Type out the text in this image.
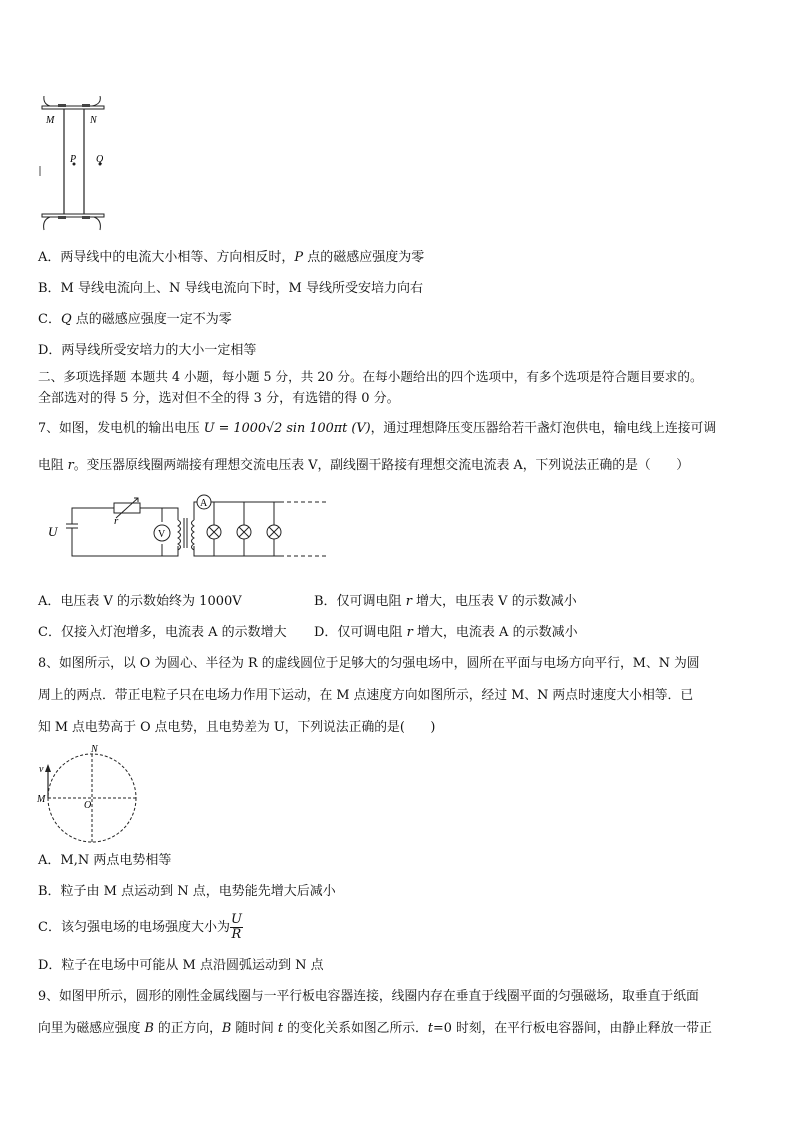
M	N
P Q
A．两导线中的电流大小相等、方向相反时，P 点的磁感应强度为零
B．M 导线电流向上、N 导线电流向下时，M 导线所受安培力向右
C．Q 点的磁感应强度一定不为零
D．两导线所受安培力的大小一定相等
二、多项选择题 本题共 4 小题，每小题 5 分，共 20 分。在每小题给出的四个选项中，有多个选项是符合题目要求的。
全部选对的得 5 分，选对但不全的得 3 分，有选错的得 0 分。
7、如图，发电机的输出电压 U = 1000√2 sin 100πt (V)，通过理想降压变压器给若干盏灯泡供电，输电线上连接可调
电阻 r。变压器原线圈两端接有理想交流电压表 V，副线圈干路接有理想交流电流表 A，下列说法正确的是（　　）
U
r
V
A
A．电压表 V 的示数始终为 1000V	B．仅可调电阻 r 增大，电压表 V 的示数减小
C．仅接入灯泡增多，电流表 A 的示数增大 D．仅可调电阻 r 增大，电流表 A 的示数减小
8、如图所示，以 O 为圆心、半径为 R 的虚线圆位于足够大的匀强电场中，圆所在平面与电场方向平行，M、N 为圆
周上的两点．带正电粒子只在电场力作用下运动，在 M 点速度方向如图所示，经过 M、N 两点时速度大小相等．已
知 M 点电势高于 O 点电势，且电势差为 U，下列说法正确的是(　　)
N
v
M
O
A．M,N 两点电势相等
B．粒子由 M 点运动到 N 点，电势能先增大后减小
C．该匀强电场的电场强度大小为 $\frac{U}{R}$
D．粒子在电场中可能从 M 点沿圆弧运动到 N 点
9、如图甲所示，圆形的刚性金属线圈与一平行板电容器连接，线圈内存在垂直于线圈平面的匀强磁场，取垂直于纸面
向里为磁感应强度 B 的正方向，B 随时间 t 的变化关系如图乙所示．t=0 时刻，在平行板电容器间，由静止释放一带正
